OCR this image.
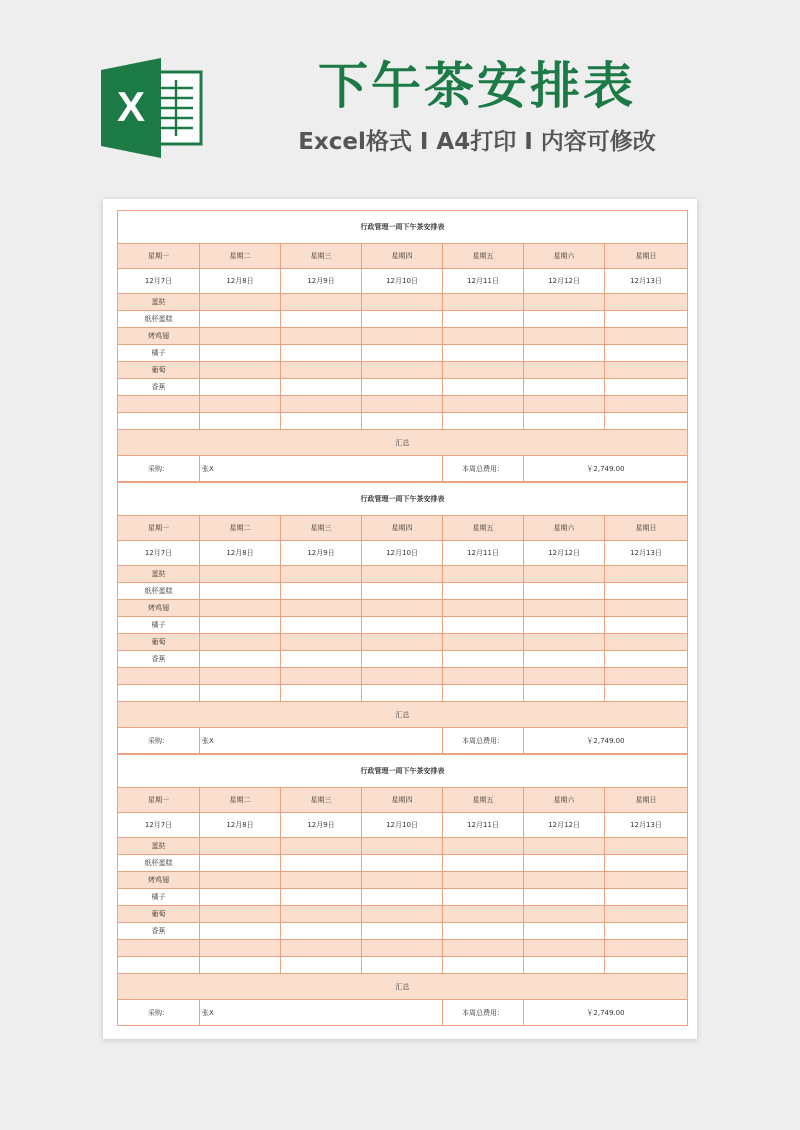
X	下午茶安排表
Excel格式 I A4打印 I 内容可修改
行政管理一周下午茶安排表						
星期一	星期二	星期三	星期四	星期五	星期六	星期日
12月7日	12月8日	12月9日	12月10日	12月11日	12月12日	12月13日
蛋挞						
纸杯蛋糕						
烤鸡翅						
橘子						
葡萄						
香蕉						

汇总						
采购：	张X			本周总费用：	￥2,749.00	
行政管理一周下午茶安排表						
星期一	星期二	星期三	星期四	星期五	星期六	星期日
12月7日	12月8日	12月9日	12月10日	12月11日	12月12日	12月13日
蛋挞						
纸杯蛋糕						
烤鸡翅						
橘子						
葡萄						
香蕉						

汇总						
采购：	张X			本周总费用：	￥2,749.00	
行政管理一周下午茶安排表						
星期一	星期二	星期三	星期四	星期五	星期六	星期日
12月7日	12月8日	12月9日	12月10日	12月11日	12月12日	12月13日
蛋挞						
纸杯蛋糕						
烤鸡翅						
橘子						
葡萄						
香蕉						

汇总						
采购：	张X			本周总费用：	￥2,749.00	
